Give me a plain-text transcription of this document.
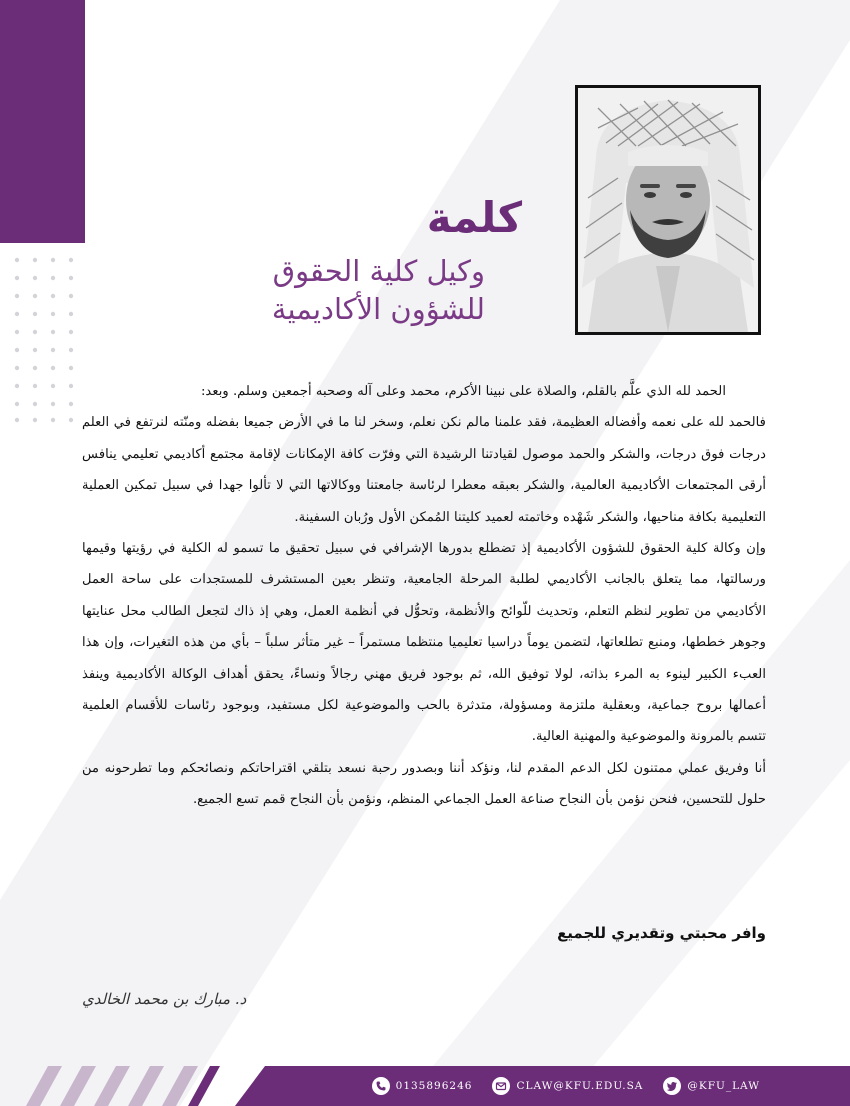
كلمة
وكيل كلية الحقوق
للشؤون الأكاديمية

الحمد لله الذي علَّم بالقلم، والصلاة على نبينا الأكرم، محمد وعلى آله وصحبه أجمعين وسلم. وبعد:

فالحمد لله على نعمه وأفضاله العظيمة، فقد علمنا مالم نكن نعلم، وسخر لنا ما في الأرض جميعا بفضله ومنّته لنرتفع في العلم درجات فوق درجات، والشكر والحمد موصول لقيادتنا الرشيدة التي وفرّت كافة الإمكانات لإقامة مجتمع أكاديمي تعليمي ينافس أرقى المجتمعات الأكاديمية العالمية، والشكر بعبقه معطرا لرئاسة جامعتنا ووكالاتها التي لا تألوا جهدا في سبيل تمكين العملية التعليمية بكافة مناحيها، والشكر شَهْده وخاتمته لعميد كليتنا المُمكن الأول ورُبان السفينة.

وإن وكالة كلية الحقوق للشؤون الأكاديمية إذ تضطلع بدورها الإشرافي في سبيل تحقيق ما تسمو له الكلية في رؤيتها وقيمها ورسالتها، مما يتعلق بالجانب الأكاديمي لطلبة المرحلة الجامعية، وتنظر بعين المستشرف للمستجدات على ساحة العمل الأكاديمي من تطوير لنظم التعلم، وتحديث للّوائح والأنظمة، وتحوُّل في أنظمة العمل، وهي إذ ذاك لتجعل الطالب محل عنايتها وجوهر خططها، ومنبع تطلعاتها، لتضمن يوماً دراسيا تعليميا منتظما مستمراً – غير متأثر سلباً – بأي من هذه التغيرات، وإن هذا العبء الكبير لينوء به المرء بذاته، لولا توفيق الله، ثم بوجود فريق مهني رجالاً ونساءً، يحقق أهداف الوكالة الأكاديمية وينفذ أعمالها بروح جماعية، وبعقلية ملتزمة ومسؤولة، متدثرة بالحب والموضوعية لكل مستفيد، وبوجود رئاسات للأقسام العلمية تتسم بالمرونة والموضوعية والمهنية العالية.

أنا وفريق عملي ممتنون لكل الدعم المقدم لنا، ونؤكد أننا وبصدور رحبة نسعد بتلقي اقتراحاتكم ونصائحكم وما تطرحونه من حلول للتحسين، فنحن نؤمن بأن النجاح صناعة العمل الجماعي المنظم، ونؤمن بأن النجاح قمم تسع الجميع.

وافر محبتي وتقديري للجميع
د. مبارك بن محمد الخالدي
0135896246	CLAW@KFU.EDU.SA	@KFU_LAW
